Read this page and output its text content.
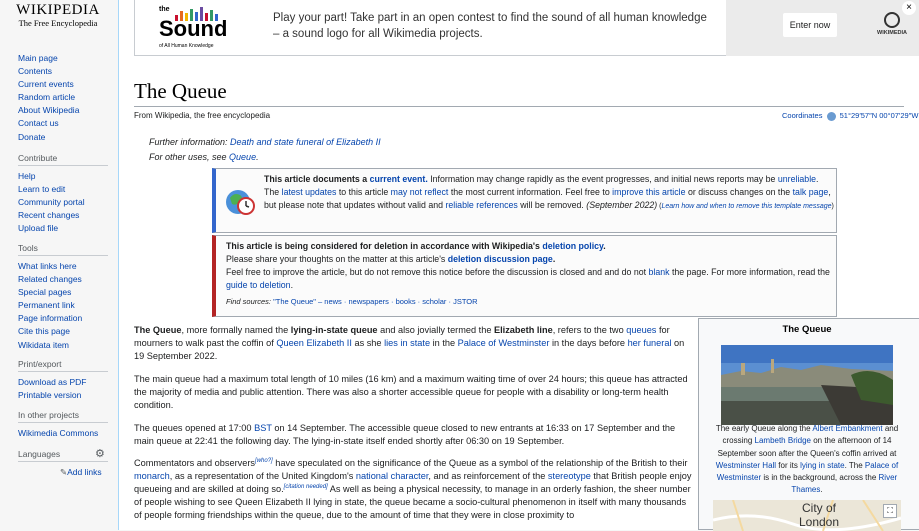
WIKIPEDIA
The Free Encyclopedia
Main page
Contents
Current events
Random article
About Wikipedia
Contact us
Donate
Contribute
Help
Learn to edit
Community portal
Recent changes
Upload file
Tools
What links here
Related changes
Special pages
Permanent link
Page information
Cite this page
Wikidata item
Print/export
Download as PDF
Printable version
In other projects
Wikimedia Commons
Languages	⚙
✎Add links
the
Sound
of All Human Knowledge
Play your part! Take part in an open contest to find the sound of all human knowledge – a sound logo for all Wikimedia projects.
Enter now
WIKIMEDIA
×
The Queue
From Wikipedia, the free encyclopedia	Coordinates 51°29′57″N 00°07′29″W
Further information: Death and state funeral of Elizabeth II
For other uses, see Queue.
This article documents a current event. Information may change rapidly as the event progresses, and initial news reports may be unreliable. The latest updates to this article may not reflect the most current information. Feel free to improve this article or discuss changes on the talk page, but please note that updates without valid and reliable references will be removed. (September 2022) (Learn how and when to remove this template message)
This article is being considered for deletion in accordance with Wikipedia's deletion policy.
Please share your thoughts on the matter at this article's deletion discussion page.
Feel free to improve the article, but do not remove this notice before the discussion is closed and and do not blank the page. For more information, read the guide to deletion.
Find sources: "The Queue" – news · newspapers · books · scholar · JSTOR
The Queue, more formally named the lying-in-state queue and also jovially termed the Elizabeth line, refers to the two queues for mourners to walk past the coffin of Queen Elizabeth II as she lies in state in the Palace of Westminster in the days before her funeral on 19 September 2022.
The main queue had a maximum total length of 10 miles (16 km) and a maximum waiting time of over 24 hours; this queue has attracted the majority of media and public attention. There was also a shorter accessible queue for people with a disability or long-term health condition.
The queues opened at 17:00 BST on 14 September. The accessible queue closed to new entrants at 16:33 on 17 September and the main queue at 22:41 the following day. The lying-in-state itself ended shortly after 06:30 on 19 September.
Commentators and observers[who?] have speculated on the significance of the Queue as a symbol of the relationship of the British to their monarch, as a representation of the United Kingdom's national character, and as reinforcement of the stereotype that British people enjoy queueing and are skilled at doing so.[citation needed] As well as being a physical necessity, to manage in an orderly fashion, the sheer number of people wishing to see Queen Elizabeth II lying in state, the queue became a socio-cultural phenomenon in itself with many thousands of people forming friendships within the queue, due to the amount of time that they were in close proximity to
The Queue
The early Queue along the Albert Embankment and crossing Lambeth Bridge on the afternoon of 14 September soon after the Queen's coffin arrived at Westminster Hall for its lying in state. The Palace of Westminster is in the background, across the River Thames.
City of London
⛶
